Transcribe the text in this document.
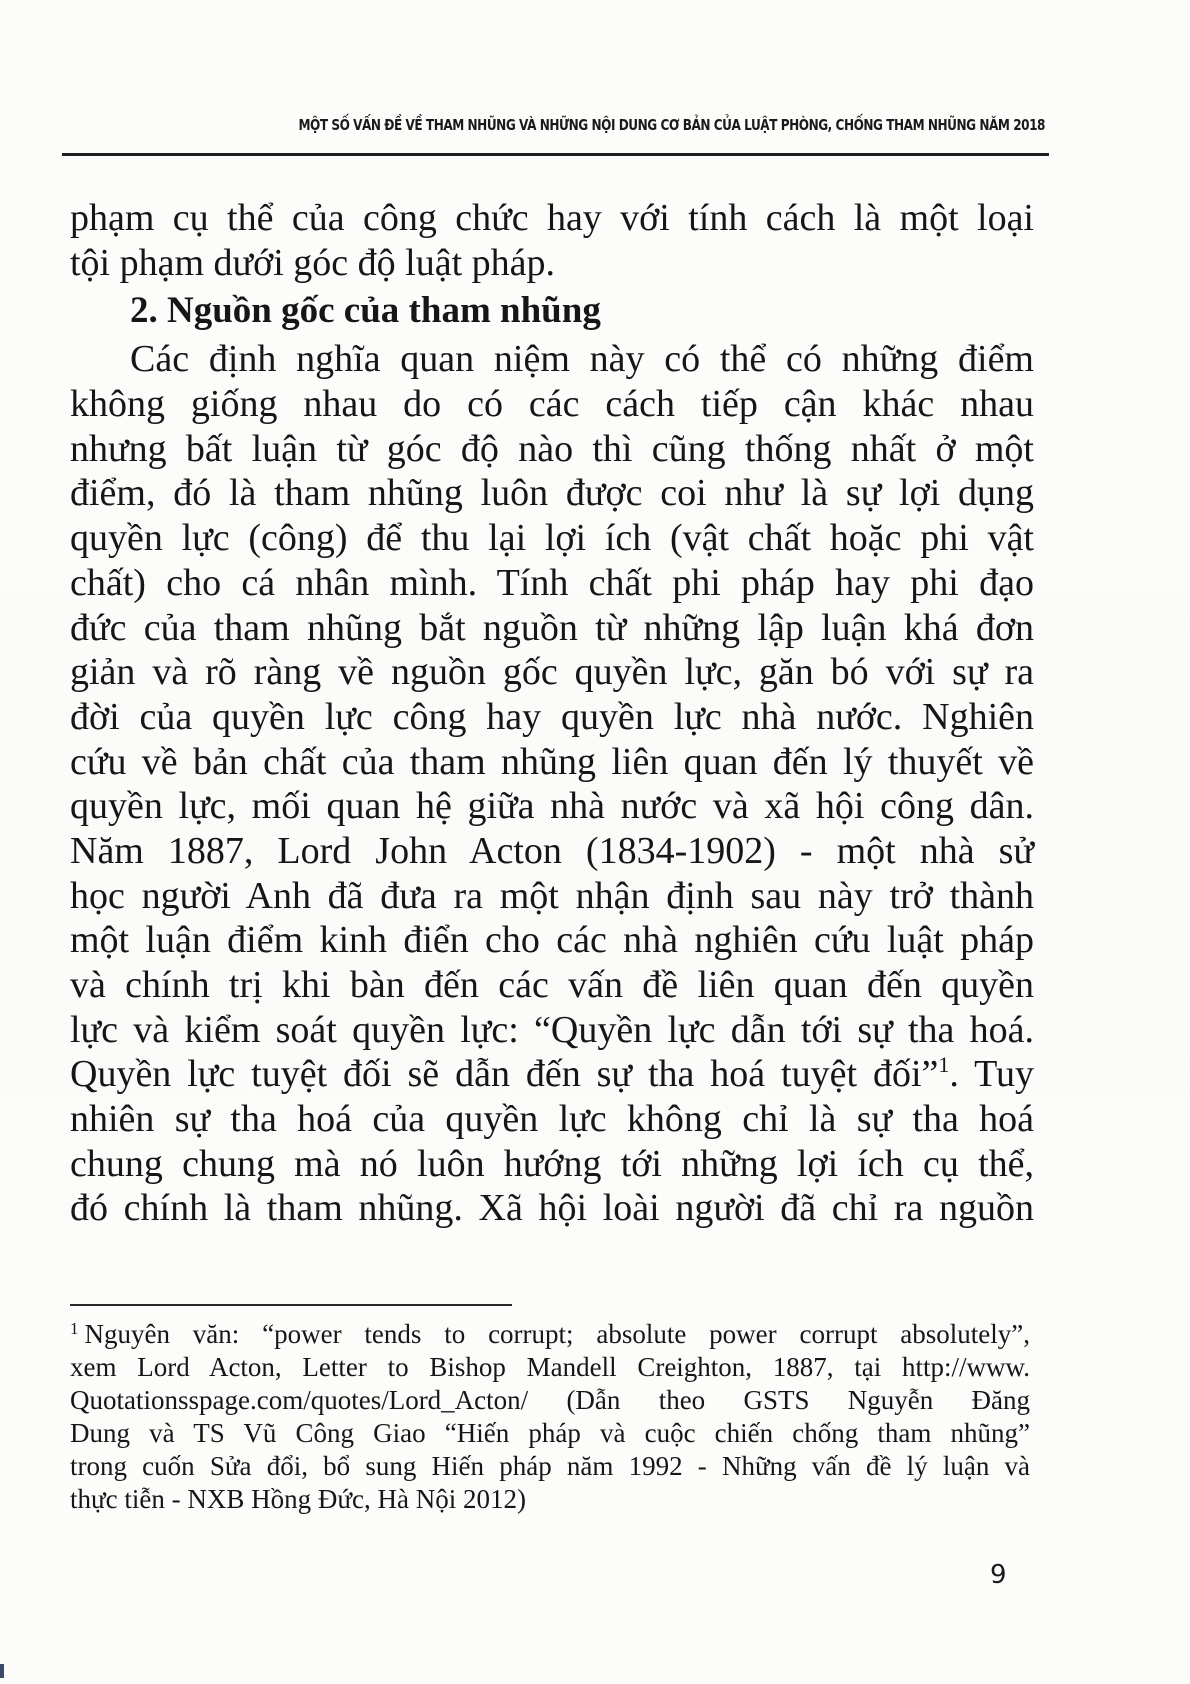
MỘT SỐ VẤN ĐỀ VỀ THAM NHŨNG VÀ NHỮNG NỘI DUNG CƠ BẢN CỦA LUẬT PHÒNG, CHỐNG THAM NHŨNG NĂM 2018
phạm cụ thể của công chức hay với tính cách là một loại
tội phạm dưới góc độ luật pháp.
2. Nguồn gốc của tham nhũng
Các định nghĩa quan niệm này có thể có những điểm
không giống nhau do có các cách tiếp cận khác nhau
nhưng bất luận từ góc độ nào thì cũng thống nhất ở một
điểm, đó là tham nhũng luôn được coi như là sự lợi dụng
quyền lực (công) để thu lại lợi ích (vật chất hoặc phi vật
chất) cho cá nhân mình. Tính chất phi pháp hay phi đạo
đức của tham nhũng bắt nguồn từ những lập luận khá đơn
giản và rõ ràng về nguồn gốc quyền lực, găn bó với sự ra
đời của quyền lực công hay quyền lực nhà nước. Nghiên
cứu về bản chất của tham nhũng liên quan đến lý thuyết về
quyền lực, mối quan hệ giữa nhà nước và xã hội công dân.
Năm 1887, Lord John Acton (1834-1902) - một nhà sử
học người Anh đã đưa ra một nhận định sau này trở thành
một luận điểm kinh điển cho các nhà nghiên cứu luật pháp
và chính trị khi bàn đến các vấn đề liên quan đến quyền
lực và kiểm soát quyền lực: “Quyền lực dẫn tới sự tha hoá.
Quyền lực tuyệt đối sẽ dẫn đến sự tha hoá tuyệt đối”$^1$. Tuy
nhiên sự tha hoá của quyền lực không chỉ là sự tha hoá
chung chung mà nó luôn hướng tới những lợi ích cụ thể,
đó chính là tham nhũng. Xã hội loài người đã chỉ ra nguồn
$^1$ Nguyên văn: “power tends to corrupt; absolute power corrupt absolutely”,
xem Lord Acton, Letter to Bishop Mandell Creighton, 1887, tại http://www.
Quotationsspage.com/quotes/Lord_Acton/ (Dẫn theo GSTS Nguyễn Đăng
Dung và TS Vũ Công Giao “Hiến pháp và cuộc chiến chống tham nhũng”
trong cuốn Sửa đổi, bổ sung Hiến pháp năm 1992 - Những vấn đề lý luận và
thực tiễn - NXB Hồng Đức, Hà Nội 2012)
9
